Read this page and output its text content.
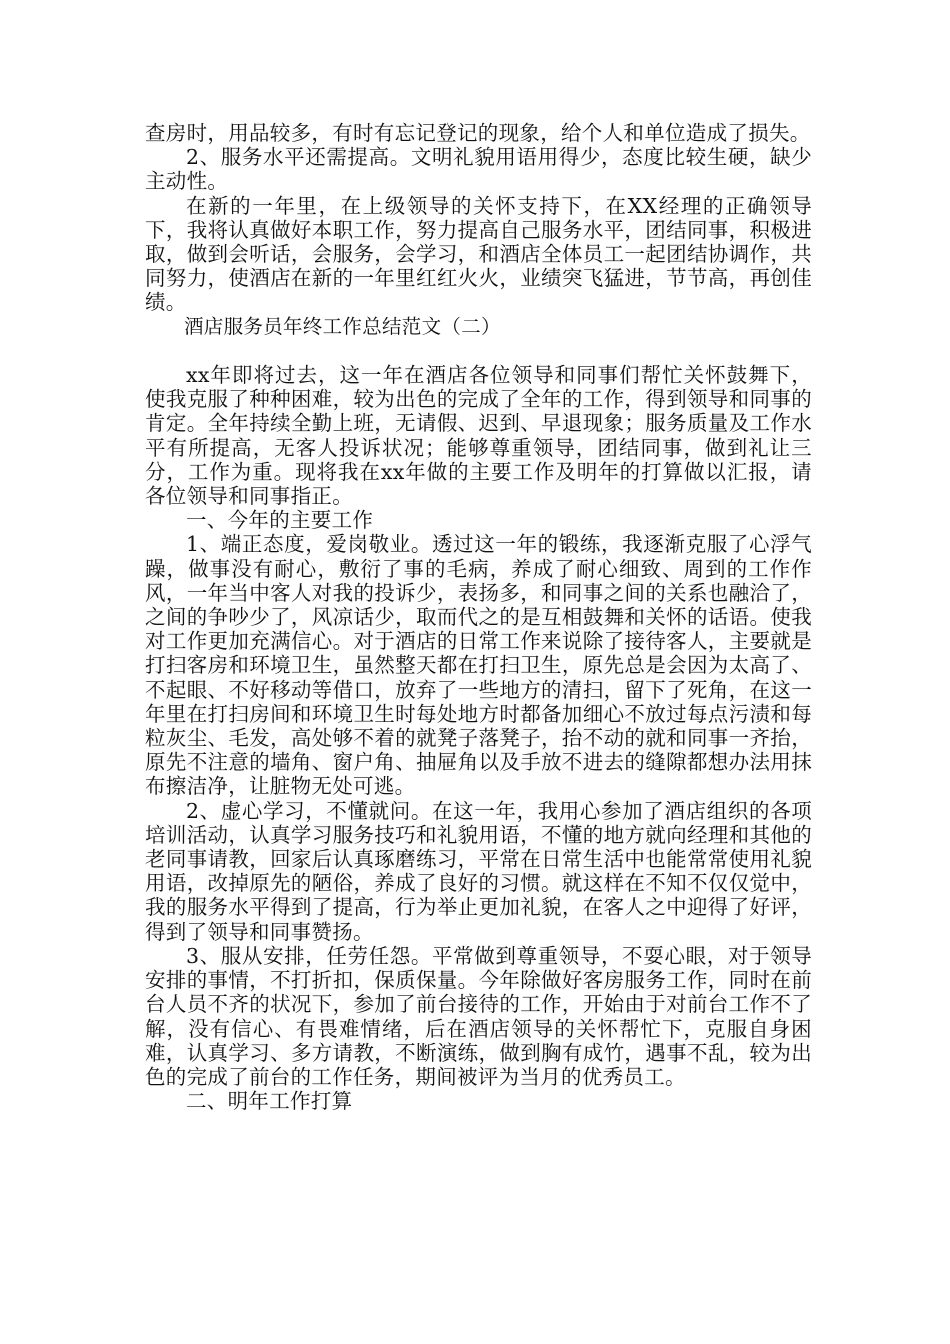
查房时，用品较多，有时有忘记登记的现象，给个人和单位造成了损失。

2、服务水平还需提高。文明礼貌用语用得少，态度比较生硬，缺少主动性。

在新的一年里，在上级领导的关怀支持下，在XX经理的正确领导下，我将认真做好本职工作，努力提高自己服务水平，团结同事，积极进取，做到会听话，会服务，会学习，和酒店全体员工一起团结协调作，共同努力，使酒店在新的一年里红红火火，业绩突飞猛进，节节高，再创佳绩。

酒店服务员年终工作总结范文（二）

xx年即将过去，这一年在酒店各位领导和同事们帮忙关怀鼓舞下，使我克服了种种困难，较为出色的完成了全年的工作，得到领导和同事的肯定。全年持续全勤上班，无请假、迟到、早退现象；服务质量及工作水平有所提高，无客人投诉状况；能够尊重领导，团结同事，做到礼让三分，工作为重。现将我在xx年做的主要工作及明年的打算做以汇报，请各位领导和同事指正。

一、今年的主要工作

1、端正态度，爱岗敬业。透过这一年的锻练，我逐渐克服了心浮气躁，做事没有耐心，敷衍了事的毛病，养成了耐心细致、周到的工作作风，一年当中客人对我的投诉少，表扬多，和同事之间的关系也融洽了，之间的争吵少了，风凉话少，取而代之的是互相鼓舞和关怀的话语。使我对工作更加充满信心。对于酒店的日常工作来说除了接待客人，主要就是打扫客房和环境卫生，虽然整天都在打扫卫生，原先总是会因为太高了、不起眼、不好移动等借口，放弃了一些地方的清扫，留下了死角，在这一年里在打扫房间和环境卫生时每处地方时都备加细心不放过每点污渍和每粒灰尘、毛发，高处够不着的就凳子落凳子，抬不动的就和同事一齐抬，原先不注意的墙角、窗户角、抽屉角以及手放不进去的缝隙都想办法用抹布擦洁净，让脏物无处可逃。

2、虚心学习，不懂就问。在这一年，我用心参加了酒店组织的各项培训活动，认真学习服务技巧和礼貌用语，不懂的地方就向经理和其他的老同事请教，回家后认真琢磨练习，平常在日常生活中也能常常使用礼貌用语，改掉原先的陋俗，养成了良好的习惯。就这样在不知不仅仅觉中，我的服务水平得到了提高，行为举止更加礼貌，在客人之中迎得了好评，得到了领导和同事赞扬。

3、服从安排，任劳任怨。平常做到尊重领导，不耍心眼，对于领导安排的事情，不打折扣，保质保量。今年除做好客房服务工作，同时在前台人员不齐的状况下，参加了前台接待的工作，开始由于对前台工作不了解，没有信心、有畏难情绪，后在酒店领导的关怀帮忙下，克服自身困难，认真学习、多方请教，不断演练，做到胸有成竹，遇事不乱，较为出色的完成了前台的工作任务，期间被评为当月的优秀员工。

二、明年工作打算
